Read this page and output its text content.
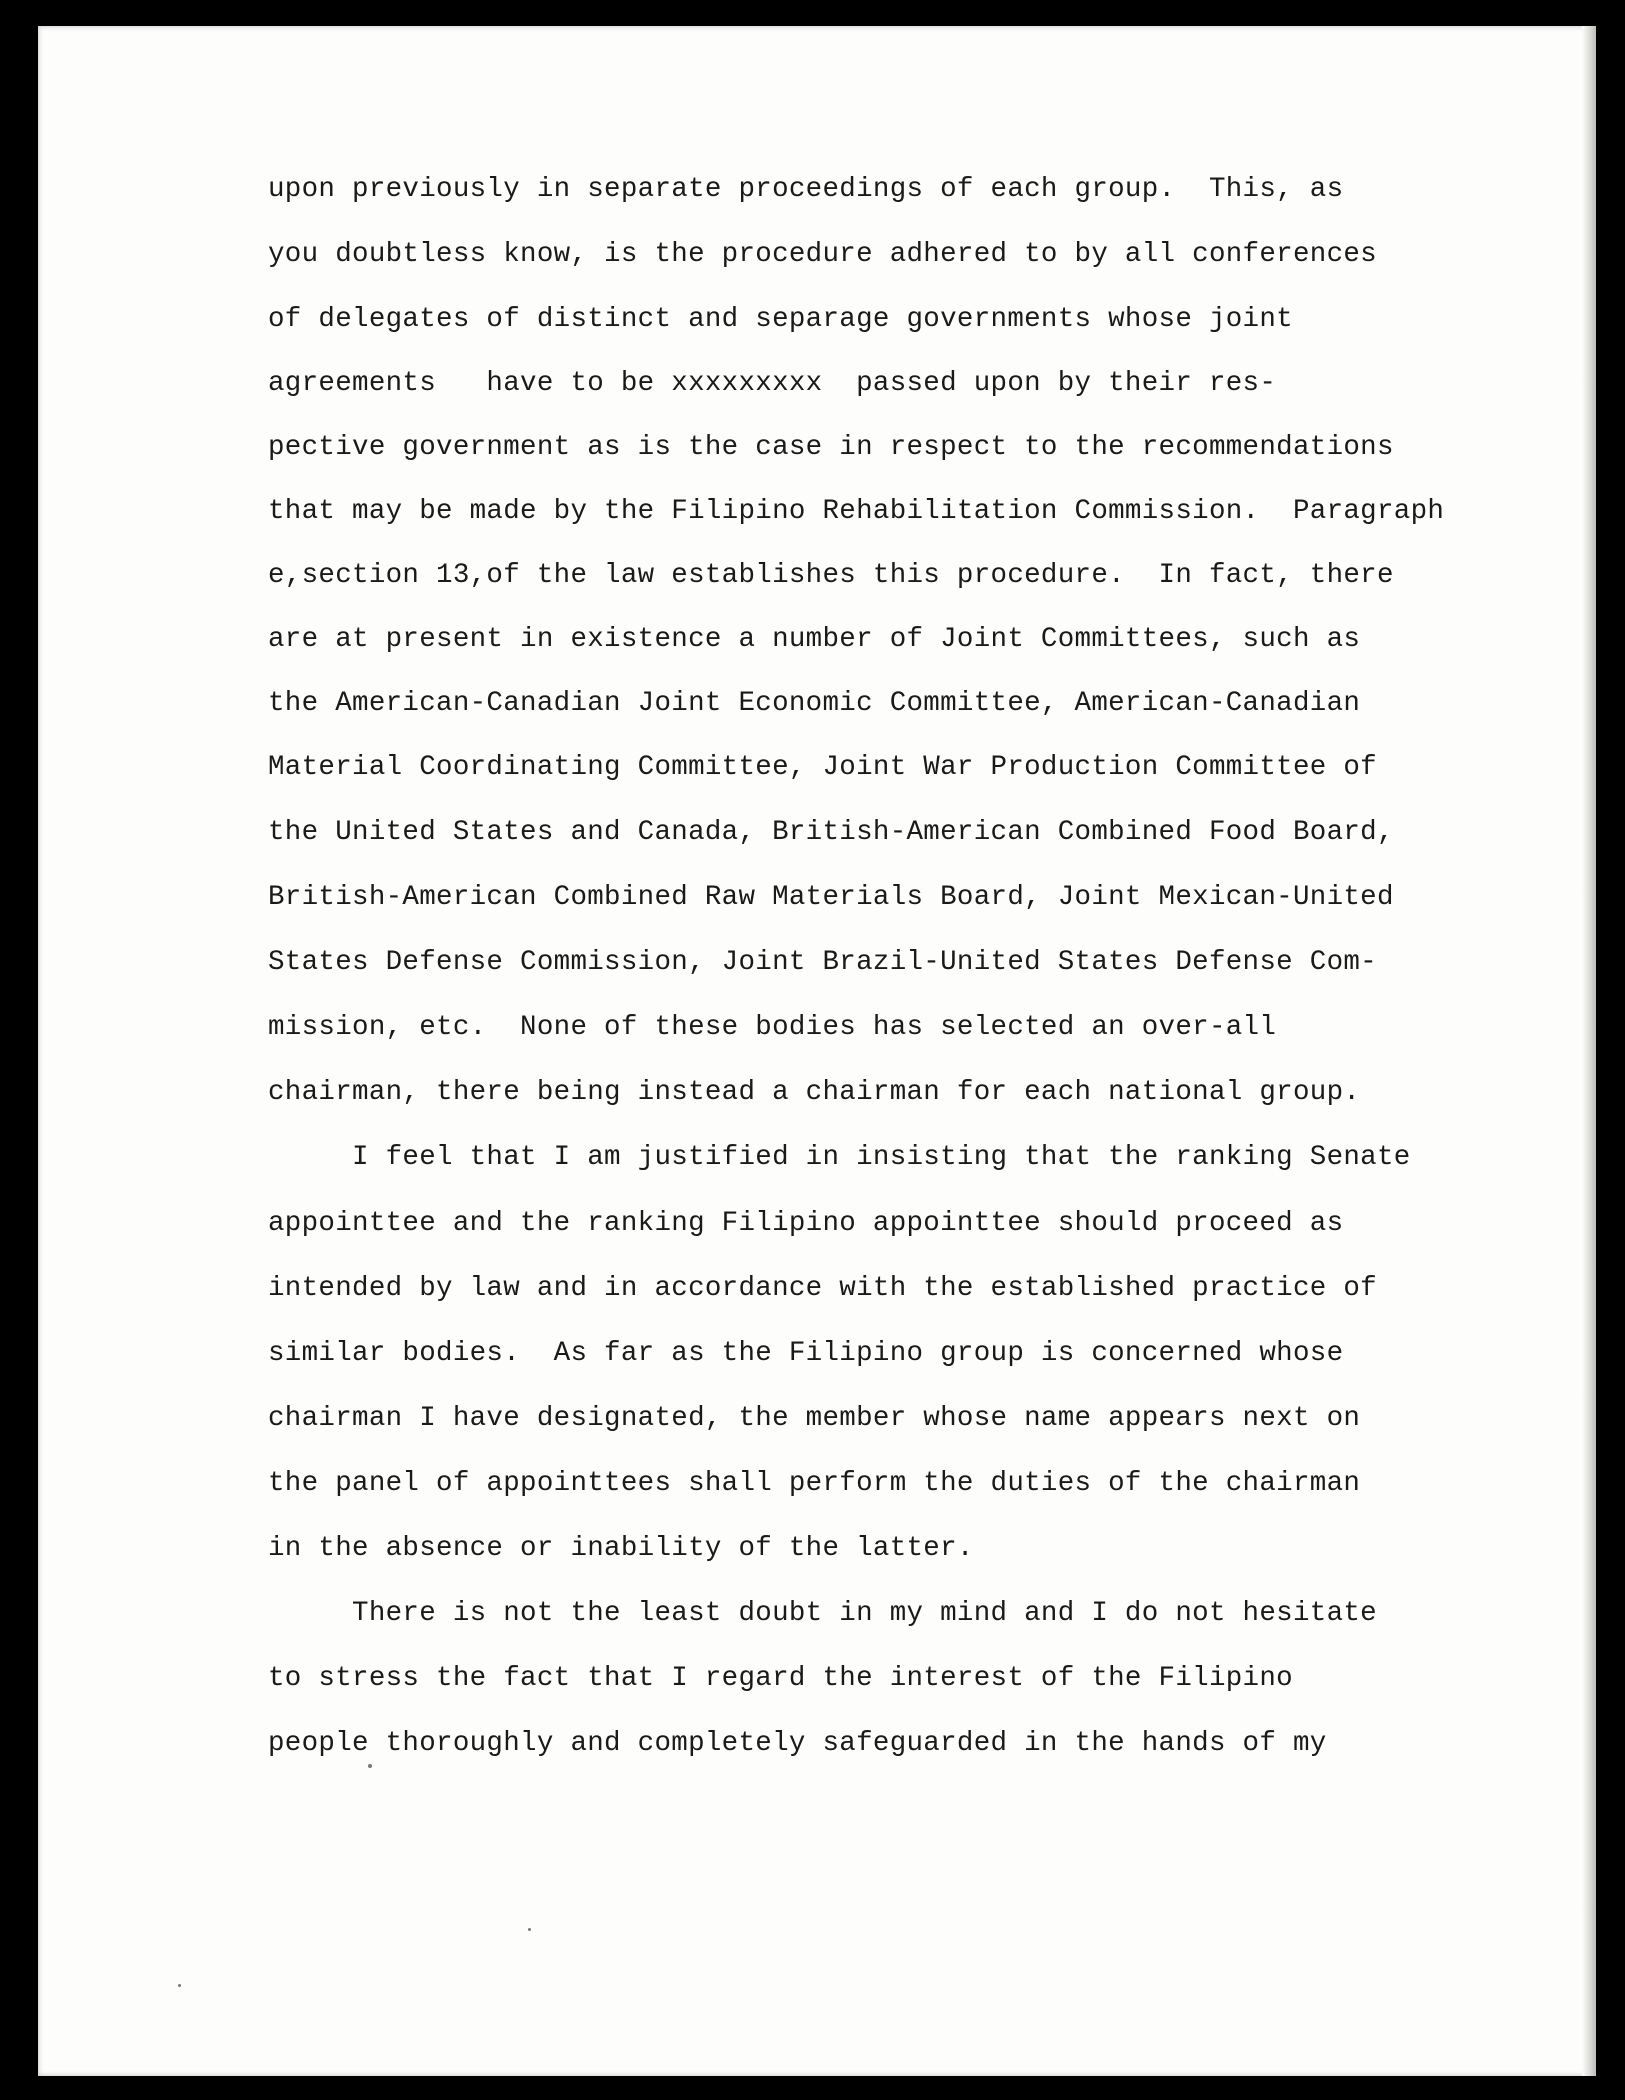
upon previously in separate proceedings of each group.  This, as
you doubtless know, is the procedure adhered to by all conferences
of delegates of distinct and separage governments whose joint
agreements   have to be xxxxxxxxx  passed upon by their res-
pective government as is the case in respect to the recommendations
that may be made by the Filipino Rehabilitation Commission.  Paragraph
e,section 13,of the law establishes this procedure.  In fact, there
are at present in existence a number of Joint Committees, such as
the American-Canadian Joint Economic Committee, American-Canadian
Material Coordinating Committee, Joint War Production Committee of
the United States and Canada, British-American Combined Food Board,
British-American Combined Raw Materials Board, Joint Mexican-United
States Defense Commission, Joint Brazil-United States Defense Com-
mission, etc.  None of these bodies has selected an over-all
chairman, there being instead a chairman for each national group.
I feel that I am justified in insisting that the ranking Senate
appointtee and the ranking Filipino appointtee should proceed as
intended by law and in accordance with the established practice of
similar bodies.  As far as the Filipino group is concerned whose
chairman I have designated, the member whose name appears next on
the panel of appointtees shall perform the duties of the chairman
in the absence or inability of the latter.
There is not the least doubt in my mind and I do not hesitate
to stress the fact that I regard the interest of the Filipino
people thoroughly and completely safeguarded in the hands of my
